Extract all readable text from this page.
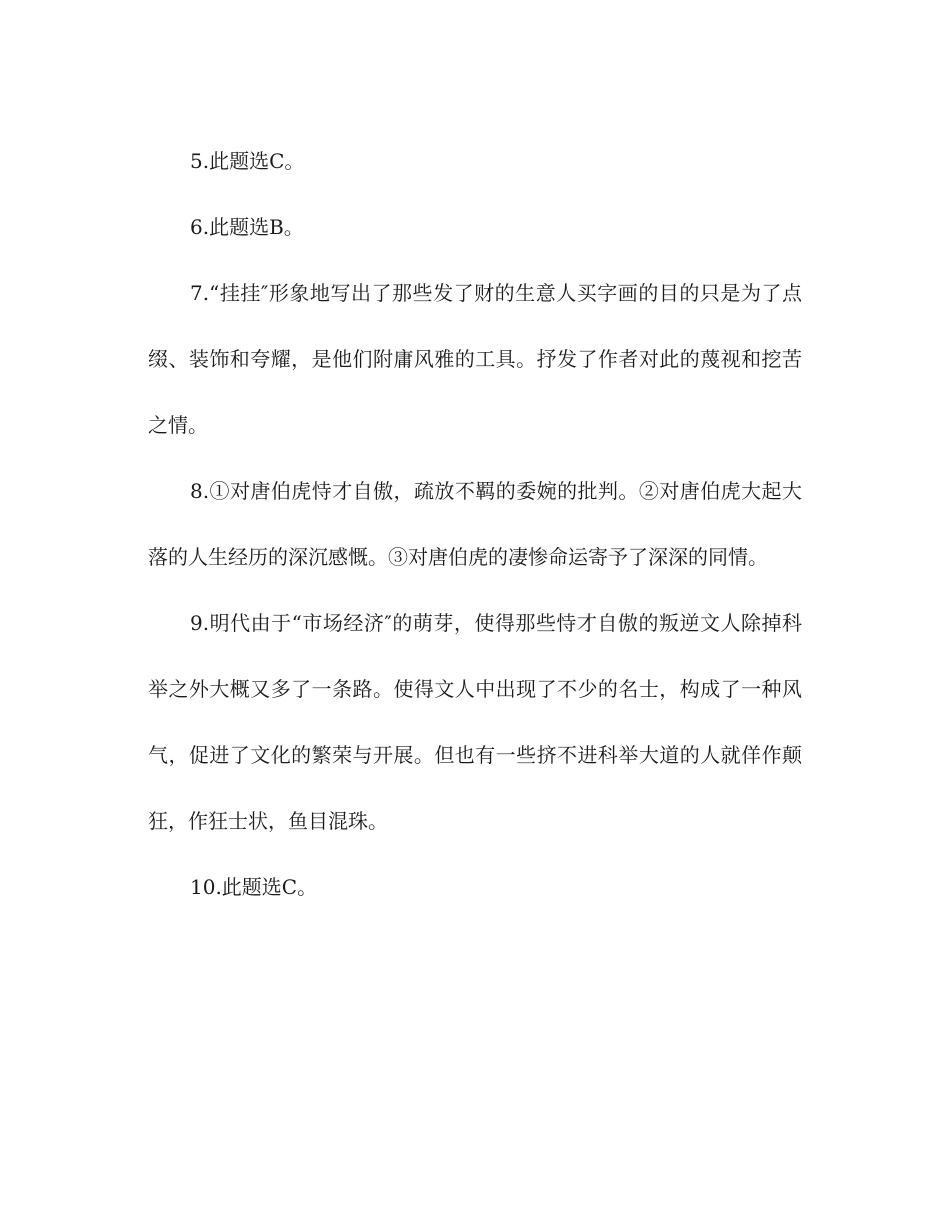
5.此题选C。

6.此题选B。

7.“挂挂″形象地写出了那些发了财的生意人买字画的目的只是为了点缀、装饰和夸耀，是他们附庸风雅的工具。抒发了作者对此的蔑视和挖苦之情。

8.①对唐伯虎恃才自傲，疏放不羁的委婉的批判。②对唐伯虎大起大落的人生经历的深沉感慨。③对唐伯虎的凄惨命运寄予了深深的同情。

9.明代由于“市场经济″的萌芽，使得那些恃才自傲的叛逆文人除掉科举之外大概又多了一条路。使得文人中出现了不少的名士，构成了一种风气，促进了文化的繁荣与开展。但也有一些挤不进科举大道的人就佯作颠狂，作狂士状，鱼目混珠。

10.此题选C。
